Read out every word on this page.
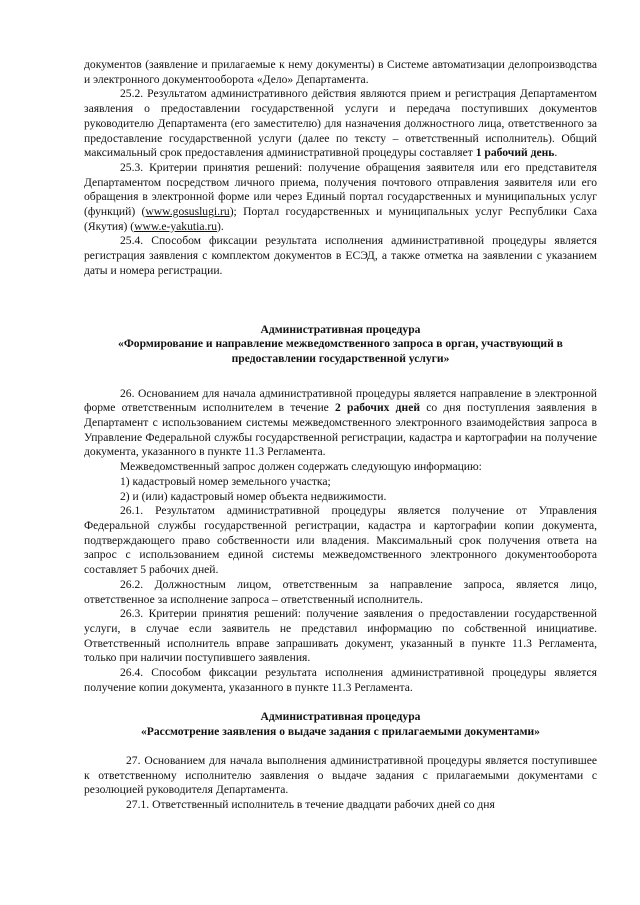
документов (заявление и прилагаемые к нему документы) в Системе автоматизации делопроизводства и электронного документооборота «Дело» Департамента.

25.2. Результатом административного действия являются прием и регистрация Департаментом заявления о предоставлении государственной услуги и передача поступивших документов руководителю Департамента (его заместителю) для назначения должностного лица, ответственного за предоставление государственной услуги (далее по тексту – ответственный исполнитель). Общий максимальный срок предоставления административной процедуры составляет 1 рабочий день.

25.3. Критерии принятия решений: получение обращения заявителя или его представителя Департаментом посредством личного приема, получения почтового отправления заявителя или его обращения в электронной форме или через Единый портал государственных и муниципальных услуг (функций) (www.gosuslugi.ru); Портал государственных и муниципальных услуг Республики Саха (Якутия) (www.e-yakutia.ru).

25.4. Способом фиксации результата исполнения административной процедуры является регистрация заявления с комплектом документов в ЕСЭД, а также отметка на заявлении с указанием даты и номера регистрации.

Административная процедура
«Формирование и направление межведомственного запроса в орган, участвующий в предоставлении государственной услуги»

26. Основанием для начала административной процедуры является направление в электронной форме ответственным исполнителем в течение 2 рабочих дней со дня поступления заявления в Департамент с использованием системы межведомственного электронного взаимодействия запроса в Управление Федеральной службы государственной регистрации, кадастра и картографии на получение документа, указанного в пункте 11.3 Регламента.

Межведомственный запрос должен содержать следующую информацию:

1) кадастровый номер земельного участка;

2) и (или) кадастровый номер объекта недвижимости.

26.1. Результатом административной процедуры является получение от Управления Федеральной службы государственной регистрации, кадастра и картографии копии документа, подтверждающего право собственности или владения. Максимальный срок получения ответа на запрос с использованием единой системы межведомственного электронного документооборота составляет 5 рабочих дней.

26.2. Должностным лицом, ответственным за направление запроса, является лицо, ответственное за исполнение запроса – ответственный исполнитель.

26.3. Критерии принятия решений: получение заявления о предоставлении государственной услуги, в случае если заявитель не представил информацию по собственной инициативе. Ответственный исполнитель вправе запрашивать документ, указанный в пункте 11.3 Регламента, только при наличии поступившего заявления.

26.4. Способом фиксации результата исполнения административной процедуры является получение копии документа, указанного в пункте 11.3 Регламента.

Административная процедура
«Рассмотрение заявления о выдаче задания с прилагаемыми документами»

27. Основанием для начала выполнения административной процедуры является поступившее к ответственному исполнителю заявления о выдаче задания с прилагаемыми документами с резолюцией руководителя Департамента.

27.1. Ответственный исполнитель в течение двадцати рабочих дней со дня
